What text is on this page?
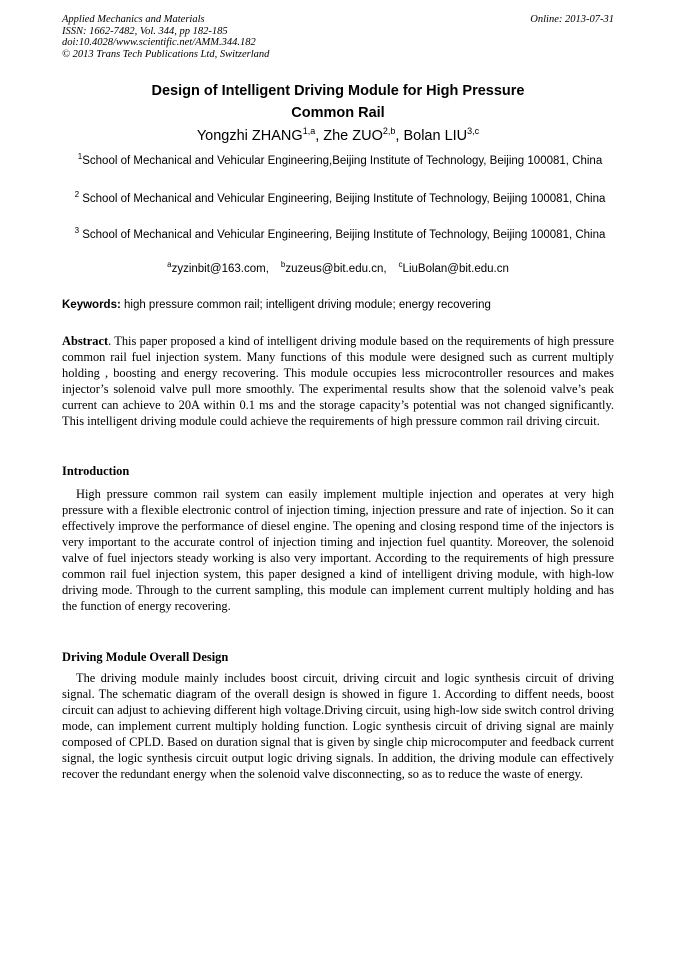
Applied Mechanics and Materials
ISSN: 1662-7482, Vol. 344, pp 182-185
doi:10.4028/www.scientific.net/AMM.344.182
© 2013 Trans Tech Publications Ltd, Switzerland
Online: 2013-07-31
Design of Intelligent Driving Module for High Pressure
Common Rail
Yongzhi ZHANG$^{1,a}$, Zhe ZUO$^{2,b}$, Bolan LIU$^{3,c}$
$^1$School of Mechanical and Vehicular Engineering,Beijing Institute of Technology, Beijing 100081, China
$^2$ School of Mechanical and Vehicular Engineering, Beijing Institute of Technology, Beijing 100081, China
$^3$ School of Mechanical and Vehicular Engineering, Beijing Institute of Technology, Beijing 100081, China
$^a$zyzinbit@163.com, $^b$zuzeus@bit.edu.cn, $^c$LiuBolan@bit.edu.cn
Keywords: high pressure common rail; intelligent driving module; energy recovering
Abstract. This paper proposed a kind of intelligent driving module based on the requirements of high pressure common rail fuel injection system. Many functions of this module were designed such as current multiply holding , boosting and energy recovering. This module occupies less microcontroller resources and makes injector’s solenoid valve pull more smoothly. The experimental results show that the solenoid valve’s peak current can achieve to 20A within 0.1 ms and the storage capacity’s potential was not changed significantly. This intelligent driving module could achieve the requirements of high pressure common rail driving circuit.
Introduction
High pressure common rail system can easily implement multiple injection and operates at very high pressure with a flexible electronic control of injection timing, injection pressure and rate of injection. So it can effectively improve the performance of diesel engine. The opening and closing respond time of the injectors is very important to the accurate control of injection timing and injection fuel quantity. Moreover, the solenoid valve of fuel injectors steady working is also very important. According to the requirements of high pressure common rail fuel injection system, this paper designed a kind of intelligent driving module, with high-low driving mode. Through to the current sampling, this module can implement current multiply holding and has the function of energy recovering.
Driving Module Overall Design
The driving module mainly includes boost circuit, driving circuit and logic synthesis circuit of driving signal. The schematic diagram of the overall design is showed in figure 1. According to diffent needs, boost circuit can adjust to achieving different high voltage.Driving circuit, using high-low side switch control driving mode, can implement current multiply holding function. Logic synthesis circuit of driving signal are mainly composed of CPLD. Based on duration signal that is given by single chip microcomputer and feedback current signal, the logic synthesis circuit output logic driving signals. In addition, the driving module can effectively recover the redundant energy when the solenoid valve disconnecting, so as to reduce the waste of energy.
